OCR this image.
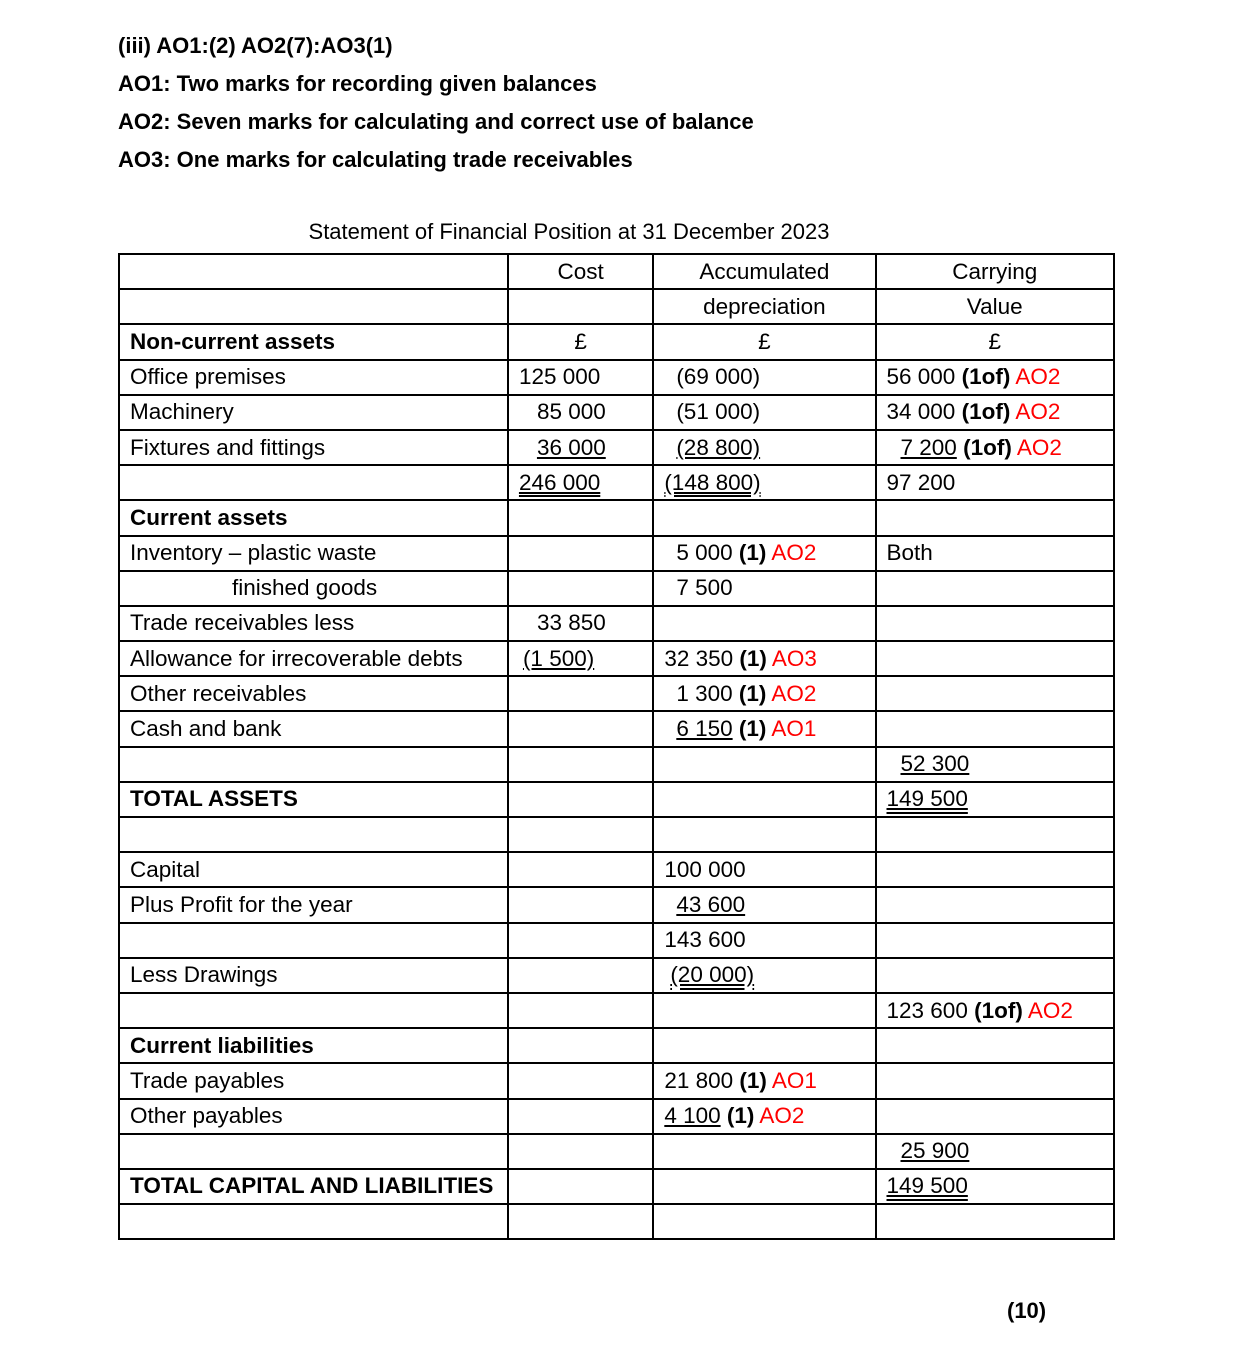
(iii) AO1:(2) AO2(7):AO3(1)
AO1: Two marks for recording given balances
AO2: Seven marks for calculating and correct use of balance
AO3: One marks for calculating trade receivables
Statement of Financial Position at 31 December 2023
	Cost	Accumulated	Carrying
		depreciation	Value
Non-current assets	£	£	£
Office premises	125 000	(69 000)	56 000 (1of) AO2
Machinery	85 000	(51 000)	34 000 (1of) AO2
Fixtures and fittings	36 000	(28 800)	7 200 (1of) AO2
	246 000	(148 800)	97 200
Current assets			
Inventory – plastic waste		5 000 (1) AO2	Both
finished goods		7 500	
Trade receivables less	33 850		
Allowance for irrecoverable debts	(1 500)	32 350 (1) AO3	
Other receivables		1 300 (1) AO2	
Cash and bank		6 150 (1) AO1	
			52 300
TOTAL ASSETS			149 500

Capital		100 000	
Plus Profit for the year		43 600	
		143 600	
Less Drawings		(20 000)	
			123 600 (1of) AO2
Current liabilities			
Trade payables		21 800 (1) AO1	
Other payables		4 100 (1) AO2	
			25 900
TOTAL CAPITAL AND LIABILITIES			149 500

(10)
